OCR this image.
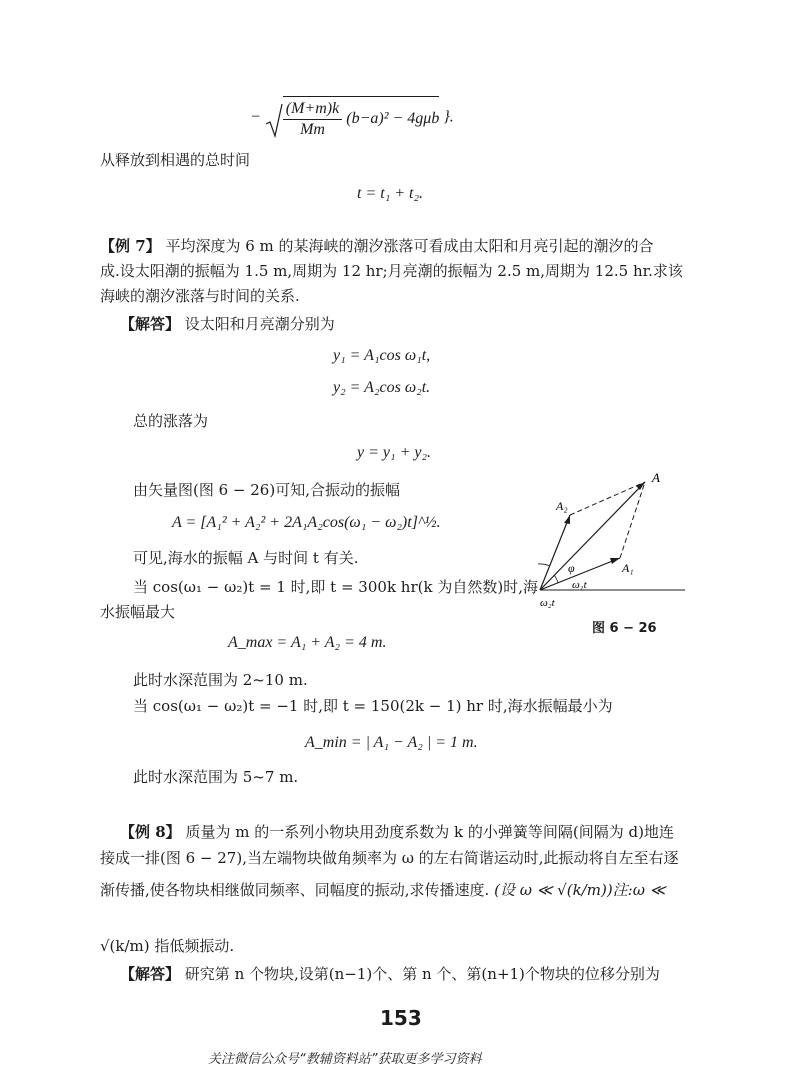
− $\frac{(M+m)k}{Mm} (b-a)^2 - 4g\mu b$ }.
从释放到相遇的总时间
t = t₁ + t₂.
【例 7】 平均深度为 6 m 的某海峡的潮汐涨落可看成由太阳和月亮引起的潮汐的合
成.设太阳潮的振幅为 1.5 m,周期为 12 hr;月亮潮的振幅为 2.5 m,周期为 12.5 hr.求该
海峡的潮汐涨落与时间的关系.
【解答】 设太阳和月亮潮分别为
y₁ = A₁cos ω₁t,
y₂ = A₂cos ω₂t.
总的涨落为
y = y₁ + y₂.
由矢量图(图 6 − 26)可知,合振动的振幅
A = [A₁² + A₂² + 2A₁A₂cos(ω₁ − ω₂)t]^½.
可见,海水的振幅 A 与时间 t 有关.
当 cos(ω₁ − ω₂)t = 1 时,即 t = 300k hr(k 为自然数)时,海
水振幅最大
A_max = A₁ + A₂ = 4 m.
此时水深范围为 2~10 m.
当 cos(ω₁ − ω₂)t = −1 时,即 t = 150(2k − 1) hr 时,海水振幅最小为
A_min = | A₁ − A₂ | = 1 m.
此时水深范围为 5~7 m.
A
A₂
A₁
φ
ω₁t
ω₂t
图 6 − 26
【例 8】 质量为 m 的一系列小物块用劲度系数为 k 的小弹簧等间隔(间隔为 d)地连
接成一排(图 6 − 27),当左端物块做角频率为 ω 的左右简谐运动时,此振动将自左至右逐
渐传播,使各物块相继做同频率、同幅度的振动,求传播速度. (设 ω ≪ √(k/m))注:ω ≪
√(k/m) 指低频振动.
【解答】 研究第 n 个物块,设第(n−1)个、第 n 个、第(n+1)个物块的位移分别为
153
关注微信公众号“教辅资料站”获取更多学习资料
